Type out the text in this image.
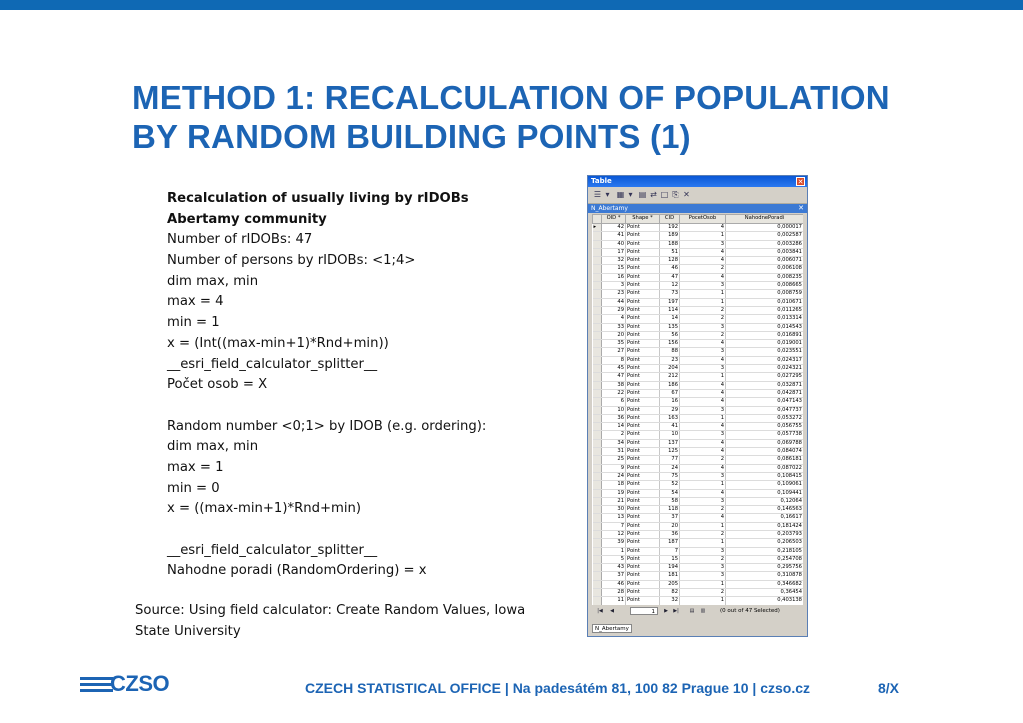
METHOD 1: RECALCULATION OF POPULATION
BY RANDOM BUILDING POINTS (1)
Recalculation of usually living by rIDOBs
Abertamy community
Number of rIDOBs: 47
Number of persons by rIDOBs: <1;4>
dim max, min
max = 4
min = 1
x = (Int((max-min+1)*Rnd+min))
__esri_field_calculator_splitter__
Počet osob = X
Random number <0;1> by IDOB (e.g. ordering):
dim max, min
max = 1
min = 0
x = ((max-min+1)*Rnd+min)
__esri_field_calculator_splitter__
Nahodne poradi (RandomOrdering) = x
Source: Using field calculator: Create Random Values, Iowa
State University
Table	✕
☰ ▾ ▦ ▾ ▤ ⇄ □ ⎘ ✕
N_Abertamy	✕
	OID *	Shape *	CID	PocetOsob	NahodnePoradi
▸	42	Point	192	4	0,000017
	41	Point	189	1	0,002587
	40	Point	188	3	0,003286
	17	Point	51	4	0,003841
	32	Point	128	4	0,006071
	15	Point	46	2	0,006108
	16	Point	47	4	0,008235
	3	Point	12	3	0,008665
	23	Point	73	1	0,008759
	44	Point	197	1	0,010671
	29	Point	114	2	0,011265
	4	Point	14	2	0,013314
	33	Point	135	3	0,014543
	20	Point	56	2	0,016891
	35	Point	156	4	0,019001
	27	Point	88	3	0,023551
	8	Point	23	4	0,024317
	45	Point	204	3	0,024321
	47	Point	212	1	0,027295
	38	Point	186	4	0,032871
	22	Point	67	4	0,042871
	6	Point	16	4	0,047143
	10	Point	29	3	0,047737
	36	Point	163	1	0,053272
	14	Point	41	4	0,056755
	2	Point	10	3	0,057738
	34	Point	137	4	0,069788
	31	Point	125	4	0,084074
	25	Point	77	2	0,086181
	9	Point	24	4	0,087022
	24	Point	75	3	0,108415
	18	Point	52	1	0,109061
	19	Point	54	4	0,109441
	21	Point	58	3	0,12064
	30	Point	118	2	0,146563
	13	Point	37	4	0,16617
	7	Point	20	1	0,181424
	12	Point	36	2	0,203793
	39	Point	187	1	0,206503
	1	Point	7	3	0,218105
	5	Point	15	2	0,254708
	43	Point	194	3	0,295756
	37	Point	181	3	0,310878
	46	Point	205	1	0,346682
	28	Point	82	2	0,36454
	11	Point	32	1	0,403138

|◀	◀	1	▶	▶|	▤	▥	(0 out of 47 Selected)
N_Abertamy
CZSO	CZECH STATISTICAL OFFICE | Na padesátém 81, 100 82 Prague 10 | czso.cz	8/X
